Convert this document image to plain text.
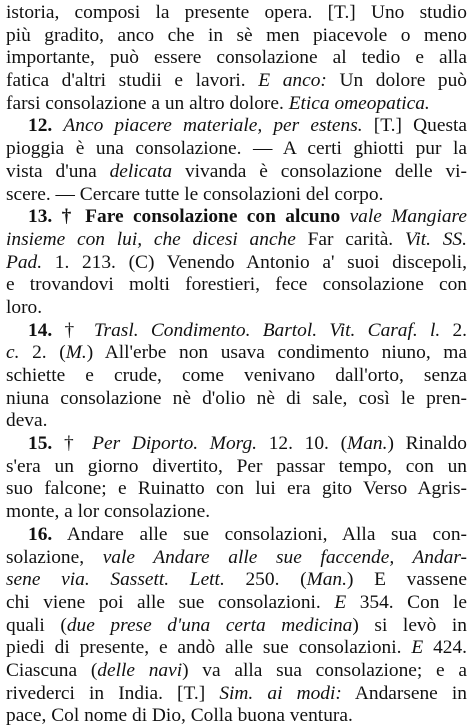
istoria, composi la presente opera. [T.] Uno studio
più gradito, anco che in sè men piacevole o meno
importante, può essere consolazione al tedio e alla
fatica d'altri studii e lavori. E anco: Un dolore può
farsi consolazione a un altro dolore. Etica omeopatica.
12. Anco piacere materiale, per estens. [T.] Questa
pioggia è una consolazione. — A certi ghiotti pur la
vista d'una delicata vivanda è consolazione delle vi-
scere. — Cercare tutte le consolazioni del corpo.
13. † Fare consolazione con alcuno vale Mangiare
insieme con lui, che dicesi anche Far carità. Vit. SS.
Pad. 1. 213. (C) Venendo Antonio a' suoi discepoli,
e trovandovi molti forestieri, fece consolazione con
loro.
14. † Trasl. Condimento. Bartol. Vit. Caraf. l. 2.
c. 2. (M.) All'erbe non usava condimento niuno, ma
schiette e crude, come venivano dall'orto, senza
niuna consolazione nè d'olio nè di sale, così le pren-
deva.
15. † Per Diporto. Morg. 12. 10. (Man.) Rinaldo
s'era un giorno divertito, Per passar tempo, con un
suo falcone; e Ruinatto con lui era gito Verso Agris-
monte, a lor consolazione.
16. Andare alle sue consolazioni, Alla sua con-
solazione, vale Andare alle sue faccende, Andar-
sene via. Sassett. Lett. 250. (Man.) E vassene
chi viene poi alle sue consolazioni. E 354. Con le
quali (due prese d'una certa medicina) si levò in
piedi di presente, e andò alle sue consolazioni. E 424.
Ciascuna (delle navi) va alla sua consolazione; e a
rivederci in India. [T.] Sim. ai modi: Andarsene in
pace, Col nome di Dio, Colla buona ventura.
